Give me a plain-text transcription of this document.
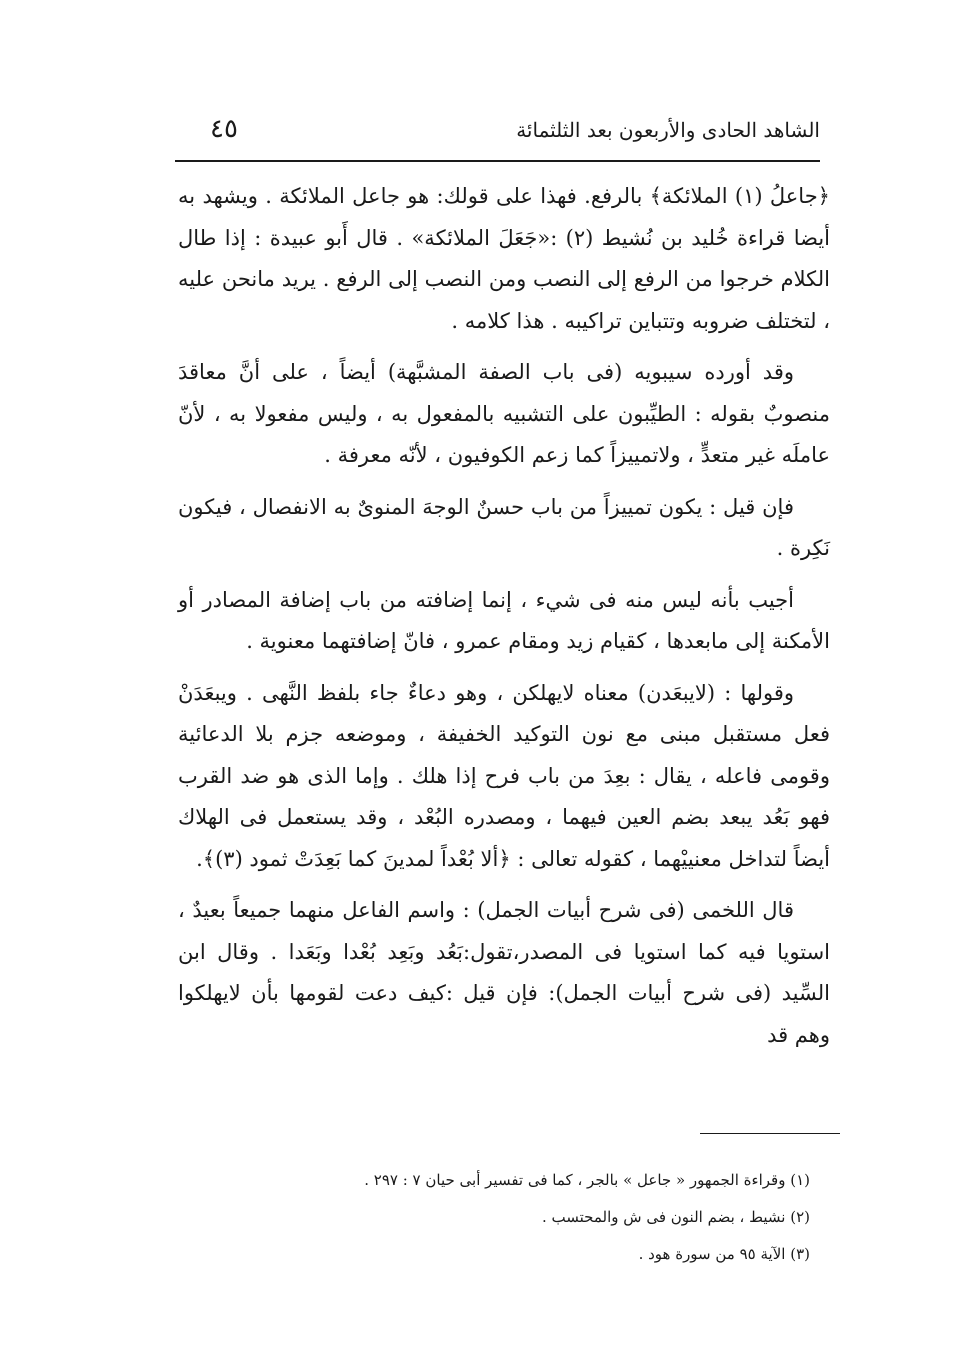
الشاهد الحادى والأربعون بعد الثلثمائة
٤٥

﴿جاعلُ (١) الملائكة﴾ بالرفع. فهذا على قولك: هو جاعل الملائكة . ويشهد به أيضا قراءة خُليد بن نُشيط (٢) :«جَعَلَ الملائكة» . قال أَبو عبيدة : إذا طال الكلام خرجوا من الرفع إلى النصب ومن النصب إلى الرفع . يريد مانحن عليه ، لتختلف ضروبه وتتباين تراكيبه . هذا كلامه .

وقد أورده سيبويه (فى باب الصفة المشبَّهة) أيضاً ، على أنَّ معاقدَ منصوبٌ بقوله : الطيِّبون على التشبيه بالمفعول به ، وليس مفعولا به ، لأنّ عاملَه غير متعدٍّ ، ولاتمييزاً كما زعم الكوفيون ، لأنّه معرفة .

فإن قيل : يكون تمييزاً من باب حسنٌ الوجهَ المنوىٌ به الانفصال ، فيكون نَكِرة .

أجيب بأنه ليس منه فى شيء ، إنما إضافته من باب إضافة المصادر أو الأمكنة إلى مابعدها ، كقيام زيد ومقام عمرو ، فانّ إضافتهما معنوية .

وقولها : (لايبعَدن) معناه لايهلكن ، وهو دعاءٌ جاء بلفظ النَّهى . ويبعَدَنْ فعل مستقبل مبنى مع نون التوكيد الخفيفة ، وموضعه جزم بلا الدعائية وقومى فاعله ، يقال : بعِدَ من باب فرح إذا هلك . وإما الذى هو ضد القرب فهو بَعُد يبعد بضم العين فيهما ، ومصدره البُعْد ، وقد يستعمل فى الهلاك أيضاً لتداخل معنييْهما ، كقوله تعالى : ﴿ألا بُعْداً لمدينَ كما بَعِدَتْ ثمود (٣)﴾.

قال اللخمى (فى شرح أبيات الجمل) : واسم الفاعل منهما جميعاً بعيدٌ ، استويا فيه كما استويا فى المصدر،تقول:بَعُد وبَعِد بُعْدا وبَعَدا . وقال ابن السِّيد (فى شرح أبيات الجمل): فإن قيل :كيف دعت لقومها بأن لايهلكوا وهم قد

(١) وقراءة الجمهور « جاعل » بالجر ، كما فى تفسير أبى حيان ٧ : ٢٩٧ .

(٢) نشيط ، بضم النون فى ش والمحتسب .

(٣) الآية ٩٥ من سورة هود .
